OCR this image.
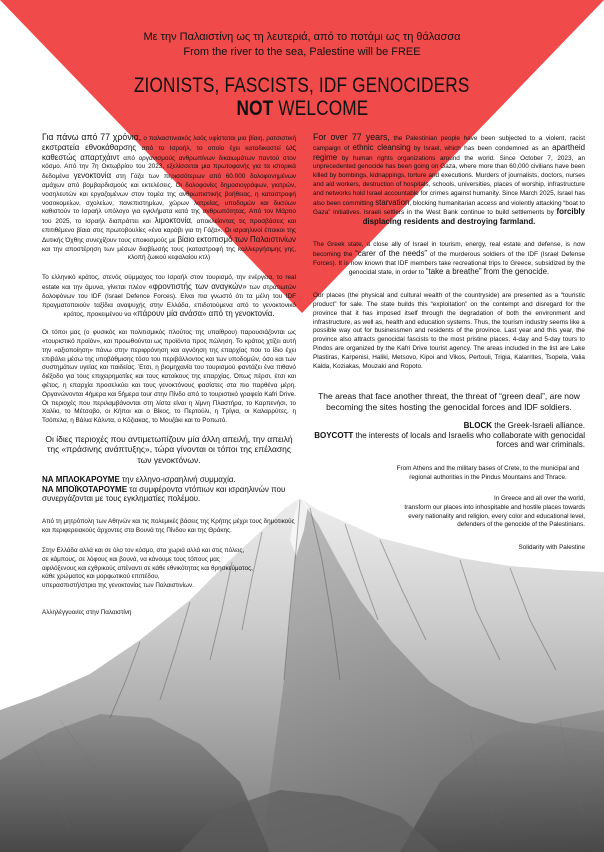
Με την Παλαιστίνη ως τη λευτεριά, από το ποτάμι ως τη θάλασσα
From the river to the sea, Palestine will be FREE
ZIONISTS, FASCISTS, IDF GENOCIDERS
NOT WELCOME

Για πάνω από 77 χρόνια, ο παλαιστινιακός λαός υφίσταται μια βίαιη, ρατσιστική εκστρατεία εθνοκάθαρσης από το Ισραήλ, το οποίο έχει καταδικαστεί ως καθεστώς απαρτχάιντ από οργανισμούς ανθρωπίνων δικαιωμάτων παντού στον κόσμο. Από την 7η Οκτωβρίου του 2023, εξελίσσεται μια πρωτοφανής για τα ιστορικά δεδομένα γενοκτονία στη Γάζα των περισσότερων από 60.000 δολοφονημένων αμάχων από βομβαρδισμούς και εκτελέσεις. Οι δολοφονίες δημοσιογράφων, γιατρών, νοσηλευτών και εργαζομένων στον τομέα της ανθρωπιστικής βοήθειας, η καταστροφή νοσοκομείων, σχολείων, πανεπιστημίων, χώρων λατρείας, υποδομών και δικτύων καθιστούν το Ισραήλ υπόλογο για εγκλήματα κατά της ανθρωπότητας. Από τον Μάρτιο του 2025, το Ισραήλ διαπράττει και λιμοκτονία, αποκλείοντας τις προσβάσεις και επιτιθέμενο βίαια στις πρωτοβουλίες «ένα καράβι για τη Γάζα». Οι ισραηλινοί έποικοι της Δυτικής Όχθης συνεχίζουν τους εποικισμούς με βίαιο εκτοπισμό των Παλαιστινίων και την αποστέρηση των μέσων διαβίωσής τους (καταστροφή της καλλιεργήσιμης γης, κλοπή ζωικού κεφαλαίου κτλ)

Το ελληνικό κράτος, στενός σύμμαχος του Ισραήλ στον τουρισμό, την ενέργεια, το real estate και την άμυνα, γίνεται πλέον «φροντιστής των αναγκών» των στρατιωτών δολοφόνων του IDF (Israel Defence Forces). Είναι πια γνωστό ότι τα μέλη του IDF πραγματοποιούν ταξίδια αναψυχής στην Ελλάδα, επιδοτούμενα από το γενοκτονικό κράτος, προκειμένου να «πάρουν μία ανάσα» από τη γενοκτονία.

Οι τόποι μας (ο φυσικός και πολιτισμικός πλούτος της υπαίθρου) παρουσιάζονται ως «τουριστικό προϊόν», και προωθούνται ως προϊόντα προς πώληση. Το κράτος χτίζει αυτή την «αξιοποίηση» πάνω στην περιφρόνηση και αγνόηση της επαρχίας που το ίδιο έχει επιβάλει μέσω της υποβάθμισης τόσο του περιβάλλοντος και των υποδομών, όσο και των συστημάτων υγείας και παιδείας. Έτσι, η βιομηχανία του τουρισμού φαντάζει ένα πιθανό διέξοδο για τους επιχειρηματίες και τους κατοίκους της επαρχίας. Όπως πέρσι, έτσι και φέτος, η επαρχία προσελκύει και τους γενοκτόνους φασίστες στα πιο παρθένα μέρη. Οργανώνονται 4ήμερα και 5ήμερα tour στην Πίνδο από το τουριστικό γραφείο Kafri Drive. Οι περιοχές που περιλαμβάνονται στη λίστα είναι η λίμνη Πλαστήρα, το Καρπενήσι, το Χαλίκι, το Μέτσοβο, οι Κήποι και ο Βίκος, το Περτούλι, η Τρίγια, οι Καλαρρύτες, η Τσόπελα, η Βάλια Κάλντα, ο Κόζιακας, το Μουζάκι και το Ροπωτό.

Οι ίδιες περιοχές που αντιμετωπίζουν μία άλλη απειλή, την απειλή της «πράσινης ανάπτυξης», τώρα γίνονται οι τόποι της επέλασης των γενοκτόνων.

ΝΑ ΜΠΛΟΚΑΡΟΥΜΕ την ελληνο-ισραηλινή συμμαχία.

ΝΑ ΜΠΟΪΚΟΤΑΡΟΥΜΕ τα συμφέροντα ντόπιων και ισραηλινών που συνεργάζονται με τους εγκληματίες πολέμου.

Από τη μητρόπολη των Αθηνών και τις πολεμικές βάσεις της Κρήτης μέχρι τους δημοτικούς και περιφερειακούς άρχοντες στα Βουνά της Πίνδου και της Θράκης.

Στην Ελλάδα αλλά και σε όλο τον κόσμο, στα χωριά αλλά και στις πόλεις,
σε κάμπους, σε λόφους και βουνά, να κάνουμε τους τόπους μας
αφιλόξενους και εχθρικούς απέναντι σε κάθε εθνικότητας και θρησκεύματος,
κάθε χρώματος και μορφωτικού επιπέδου,
υπερασπιστή/στρια της γενοκτονίας των Παλαιστινίων.

Αλληλέγγυοι/ες στην Παλαιστίνη

For over 77 years, the Palestinian people have been subjected to a violent, racist campaign of ethnic cleansing by Israel, which has been condemned as an apartheid regime by human rights organizations around the world. Since October 7, 2023, an unprecedented genocide has been going on Gaza, where more than 60,000 civilians have been killed by bombings, kidnappings, torture and executions. Murders of journalists, doctors, nurses and aid workers, destruction of hospitals, schools, universities, places of worship, infrastructure and networks hold Israel accountable for crimes against humanity. Since March 2025, Israel has also been committing starvation, blocking humanitarian access and violently attacking “boat to Gaza” initiatives. Israeli settlers in the West Bank continue to build settlements by forcibly displacing residents and destroying farmland.

The Greek state, a close ally of Israel in tourism, energy, real estate and defense, is now becoming the “carer of the needs” of the murderous soldiers of the IDF (Israel Defense Forces). It is now known that IDF members take recreational trips to Greece, subsidized by the genocidal state, in order to “take a breathe” from the genocide.

Our places (the physical and cultural wealth of the countryside) are presented as a “touristic product” for sale. The state builds this “exploitation” on the contempt and disregard for the province that it has imposed itself through the degradation of both the environment and infrastructure, as well as, health and education systems. Thus, the tourism industry seems like a possible way out for businessmen and residents of the province. Last year and this year, the province also attracts genocidal fascists to the most pristine places. 4-day and 5-day tours to Pindos are organized by the Kafri Drive tourist agency. The areas included in the list are Lake Plastiras, Karpenisi, Haliki, Metsovo, Kipoi and Vikos, Pertouli, Trigia, Kalarrites, Tsopela, Valia Kalda, Koziakas, Mouzaki and Ropoto.

The areas that face another threat, the threat of “green deal”, are now becoming the sites hosting the genocidal forces and IDF soldiers.

BLOCK the Greek-Israeli alliance.

BOYCOTT the interests of locals and Israelis who collaborate with genocidal forces and war criminals.

From Athens and the military bases of Crete, to the municipal and regional authorities in the Pindus Mountains and Thrace.

In Greece and all over the world,
transform our places into inhospitable and hostile places towards
every nationality and religion, every color and educational level,
defenders of the genocide of the Palestinians.

Solidarity with Palestine
